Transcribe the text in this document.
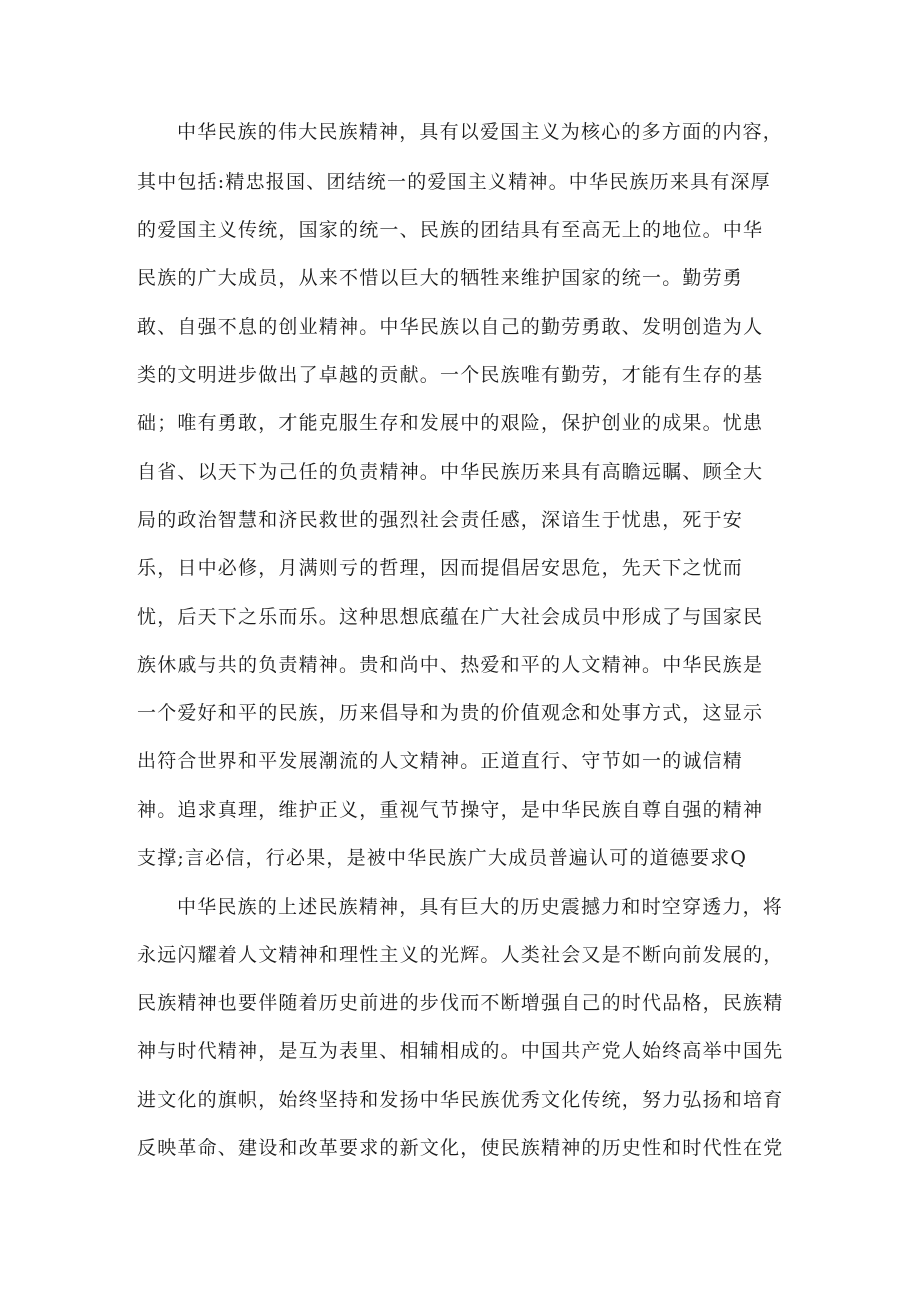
中华民族的伟大民族精神，具有以爱国主义为核心的多方面的内容，
其中包括:精忠报国、团结统一的爱国主义精神。中华民族历来具有深厚
的爱国主义传统，国家的统一、民族的团结具有至高无上的地位。中华
民族的广大成员，从来不惜以巨大的牺牲来维护国家的统一。勤劳勇
敢、自强不息的创业精神。中华民族以自己的勤劳勇敢、发明创造为人
类的文明进步做出了卓越的贡献。一个民族唯有勤劳，才能有生存的基
础；唯有勇敢，才能克服生存和发展中的艰险，保护创业的成果。忧患
自省、以天下为己任的负责精神。中华民族历来具有高瞻远瞩、顾全大
局的政治智慧和济民救世的强烈社会责任感，深谙生于忧患，死于安
乐，日中必修，月满则亏的哲理，因而提倡居安思危，先天下之忧而
忧，后天下之乐而乐。这种思想底蕴在广大社会成员中形成了与国家民
族休戚与共的负责精神。贵和尚中、热爱和平的人文精神。中华民族是
一个爱好和平的民族，历来倡导和为贵的价值观念和处事方式，这显示
出符合世界和平发展潮流的人文精神。正道直行、守节如一的诚信精
神。追求真理，维护正义，重视气节操守，是中华民族自尊自强的精神
支撑;言必信，行必果，是被中华民族广大成员普遍认可的道德要求Q
中华民族的上述民族精神，具有巨大的历史震撼力和时空穿透力，将
永远闪耀着人文精神和理性主义的光辉。人类社会又是不断向前发展的，
民族精神也要伴随着历史前进的步伐而不断增强自己的时代品格，民族精
神与时代精神，是互为表里、相辅相成的。中国共产党人始终高举中国先
进文化的旗帜，始终坚持和发扬中华民族优秀文化传统，努力弘扬和培育
反映革命、建设和改革要求的新文化，使民族精神的历史性和时代性在党
